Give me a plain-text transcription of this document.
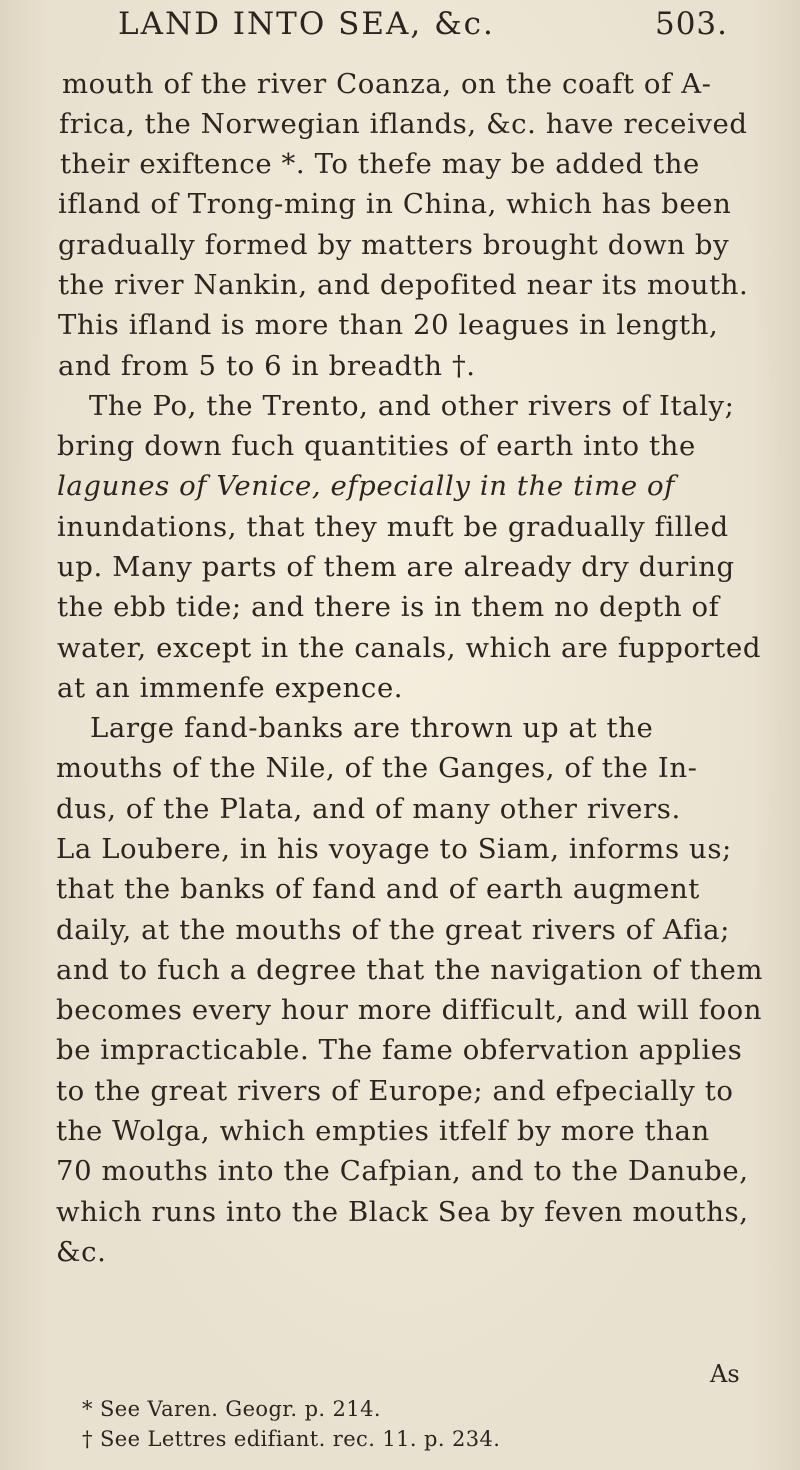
LAND INTO SEA, &c.	503.
mouth of the river Coanza, on the coaft of A-
frica, the Norwegian iflands, &c. have received
their exiftence *. To thefe may be added the
ifland of Trong-ming in China, which has been
gradually formed by matters brought down by
the river Nankin, and depofited near its mouth.
This ifland is more than 20 leagues in length,
and from 5 to 6 in breadth †.
The Po, the Trento, and other rivers of Italy;
bring down fuch quantities of earth into the
lagunes of Venice, efpecially in the time of
inundations, that they muft be gradually filled
up. Many parts of them are already dry during
the ebb tide; and there is in them no depth of
water, except in the canals, which are fupported
at an immenfe expence.
Large fand-banks are thrown up at the
mouths of the Nile, of the Ganges, of the In-
dus, of the Plata, and of many other rivers.
La Loubere, in his voyage to Siam, informs us;
that the banks of fand and of earth augment
daily, at the mouths of the great rivers of Afia;
and to fuch a degree that the navigation of them
becomes every hour more difficult, and will foon
be impracticable. The fame obfervation applies
to the great rivers of Europe; and efpecially to
the Wolga, which empties itfelf by more than
70 mouths into the Cafpian, and to the Danube,
which runs into the Black Sea by feven mouths,
&c.
As
* See Varen. Geogr. p. 214.
† See Lettres edifiant. rec. 11. p. 234.
